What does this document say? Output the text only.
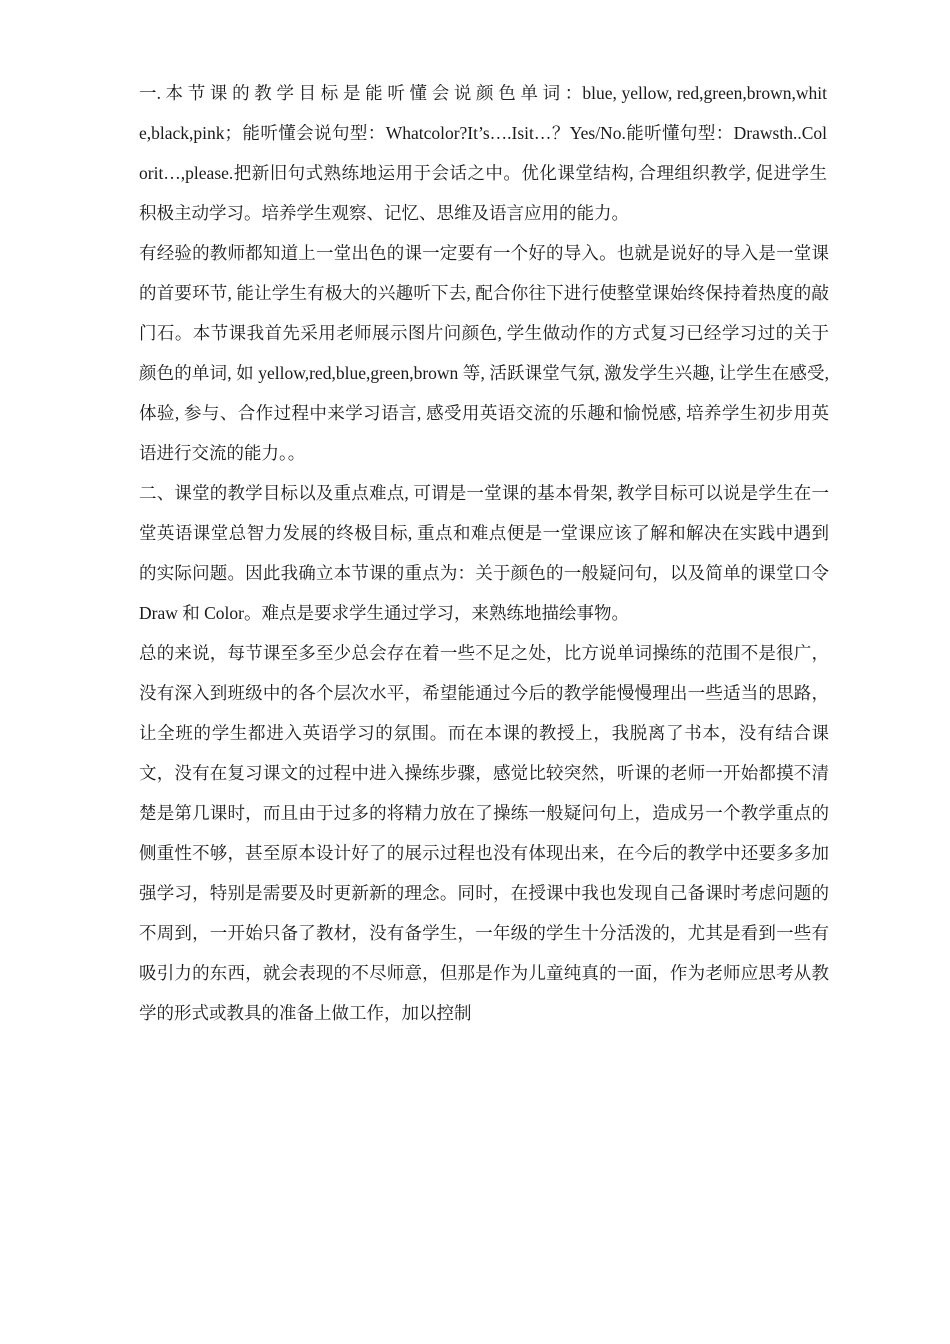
一. 本 节 课 的 教 学 目 标 是 能 听 懂 会 说 颜 色 单 词 ：blue, yellow, red,green,brown,white,black,pink；能听懂会说句型：Whatcolor?It’s….Isit…？Yes/No.能听懂句型：Drawsth..Colorit…,please.把新旧句式熟练地运用于会话之中。优化课堂结构, 合理组织教学, 促进学生积极主动学习。培养学生观察、记忆、思维及语言应用的能力。

有经验的教师都知道上一堂出色的课一定要有一个好的导入。也就是说好的导入是一堂课的首要环节, 能让学生有极大的兴趣听下去, 配合你往下进行使整堂课始终保持着热度的敲门石。本节课我首先采用老师展示图片问颜色, 学生做动作的方式复习已经学习过的关于颜色的单词, 如 yellow,red,blue,green,brown 等, 活跃课堂气氛, 激发学生兴趣, 让学生在感受, 体验, 参与、合作过程中来学习语言, 感受用英语交流的乐趣和愉悦感, 培养学生初步用英语进行交流的能力。。

二、课堂的教学目标以及重点难点, 可谓是一堂课的基本骨架, 教学目标可以说是学生在一堂英语课堂总智力发展的终极目标, 重点和难点便是一堂课应该了解和解决在实践中遇到的实际问题。因此我确立本节课的重点为：关于颜色的一般疑问句，以及简单的课堂口令 Draw 和 Color。难点是要求学生通过学习，来熟练地描绘事物。

总的来说，每节课至多至少总会存在着一些不足之处，比方说单词操练的范围不是很广，没有深入到班级中的各个层次水平，希望能通过今后的教学能慢慢理出一些适当的思路，让全班的学生都进入英语学习的氛围。而在本课的教授上，我脱离了书本，没有结合课文，没有在复习课文的过程中进入操练步骤，感觉比较突然，听课的老师一开始都摸不清楚是第几课时，而且由于过多的将精力放在了操练一般疑问句上，造成另一个教学重点的侧重性不够，甚至原本设计好了的展示过程也没有体现出来，在今后的教学中还要多多加强学习，特别是需要及时更新新的理念。同时，在授课中我也发现自己备课时考虑问题的不周到，一开始只备了教材，没有备学生，一年级的学生十分活泼的，尤其是看到一些有吸引力的东西，就会表现的不尽师意，但那是作为儿童纯真的一面，作为老师应思考从教学的形式或教具的准备上做工作，加以控制
